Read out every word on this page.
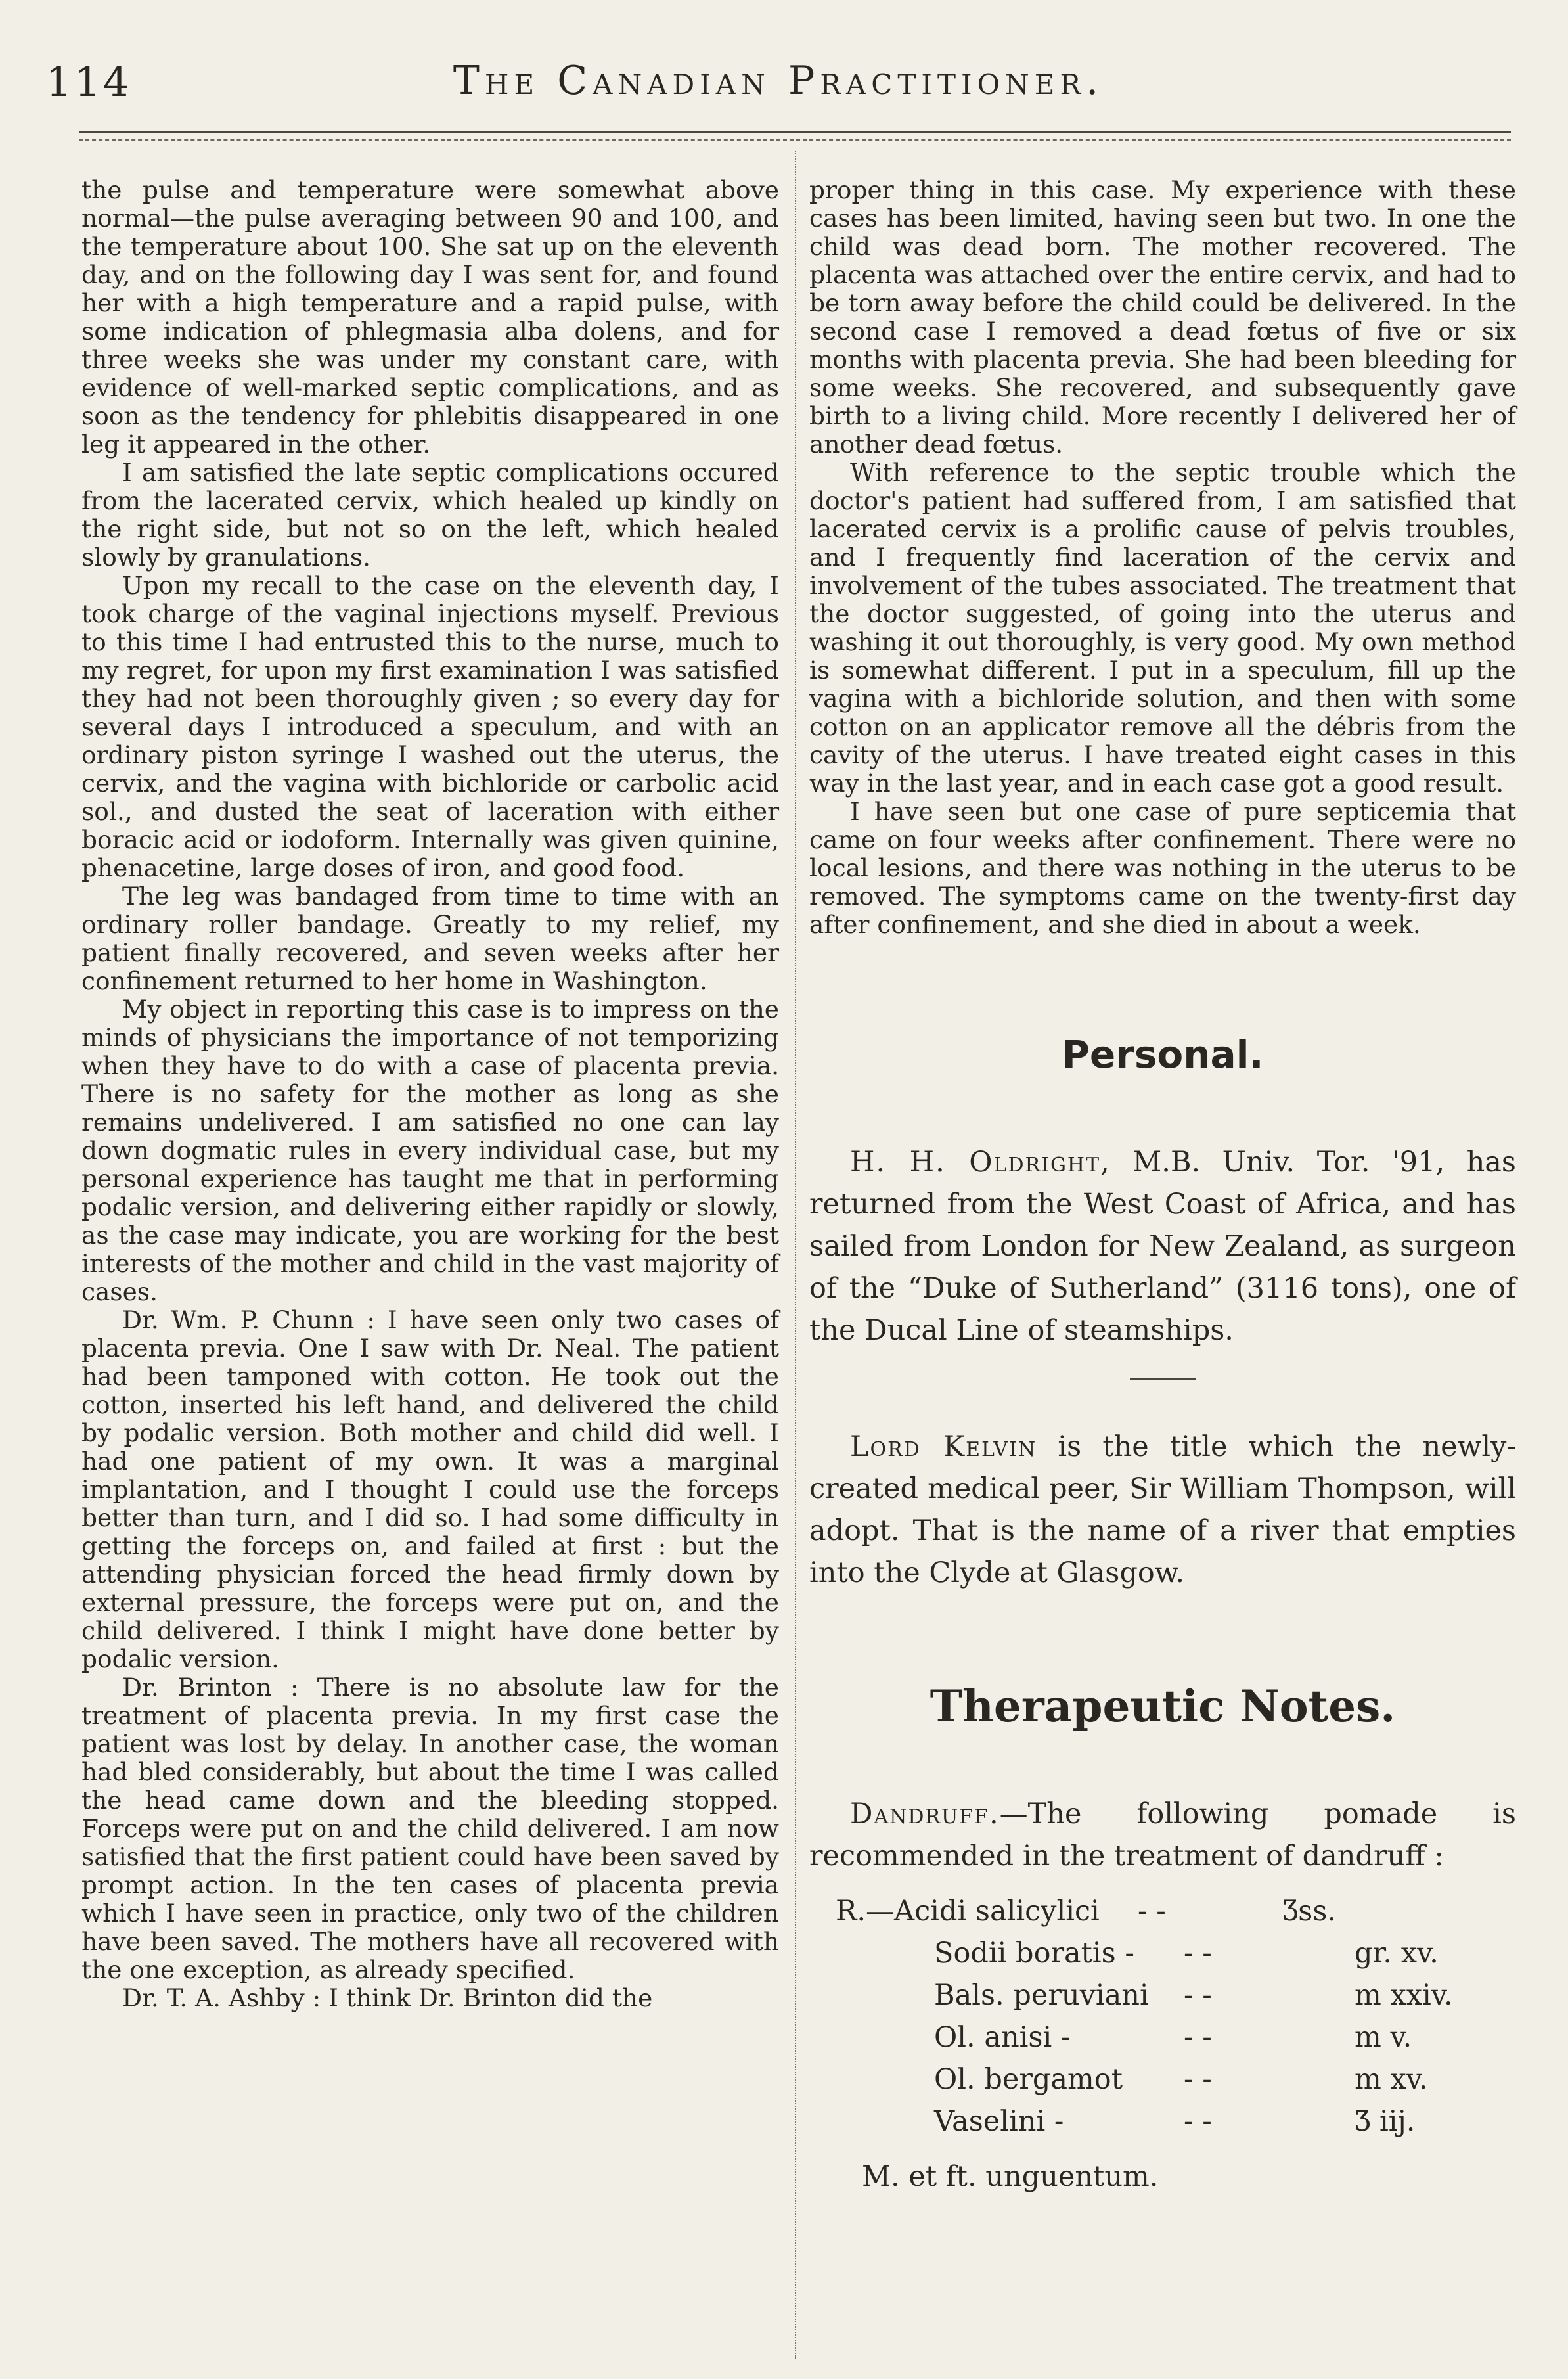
114	The Canadian Practitioner.

the pulse and temperature were somewhat above normal—the pulse averaging between 90 and 100, and the temperature about 100. She sat up on the eleventh day, and on the following day I was sent for, and found her with a high temperature and a rapid pulse, with some indication of phlegmasia alba dolens, and for three weeks she was under my constant care, with evidence of well-marked septic complications, and as soon as the tendency for phlebitis disappeared in one leg it appeared in the other.

I am satisfied the late septic complications occured from the lacerated cervix, which healed up kindly on the right side, but not so on the left, which healed slowly by granulations.

Upon my recall to the case on the eleventh day, I took charge of the vaginal injections myself. Previous to this time I had entrusted this to the nurse, much to my regret, for upon my first examination I was satisfied they had not been thoroughly given ; so every day for several days I introduced a speculum, and with an ordinary piston syringe I washed out the uterus, the cervix, and the vagina with bichloride or carbolic acid sol., and dusted the seat of laceration with either boracic acid or iodoform. Internally was given quinine, phenacetine, large doses of iron, and good food.

The leg was bandaged from time to time with an ordinary roller bandage. Greatly to my relief, my patient finally recovered, and seven weeks after her confinement returned to her home in Washington.

My object in reporting this case is to impress on the minds of physicians the importance of not temporizing when they have to do with a case of placenta previa. There is no safety for the mother as long as she remains undelivered. I am satisfied no one can lay down dogmatic rules in every individual case, but my personal experience has taught me that in performing podalic version, and delivering either rapidly or slowly, as the case may indicate, you are working for the best interests of the mother and child in the vast majority of cases.

Dr. Wm. P. Chunn : I have seen only two cases of placenta previa. One I saw with Dr. Neal. The patient had been tamponed with cotton. He took out the cotton, inserted his left hand, and delivered the child by podalic version. Both mother and child did well. I had one patient of my own. It was a marginal implantation, and I thought I could use the forceps better than turn, and I did so. I had some difficulty in getting the forceps on, and failed at first : but the attending physician forced the head firmly down by external pressure, the forceps were put on, and the child delivered. I think I might have done better by podalic version.

Dr. Brinton : There is no absolute law for the treatment of placenta previa. In my first case the patient was lost by delay. In another case, the woman had bled considerably, but about the time I was called the head came down and the bleeding stopped. Forceps were put on and the child delivered. I am now satisfied that the first patient could have been saved by prompt action. In the ten cases of placenta previa which I have seen in practice, only two of the children have been saved. The mothers have all recovered with the one exception, as already specified.

Dr. T. A. Ashby : I think Dr. Brinton did the

proper thing in this case. My experience with these cases has been limited, having seen but two. In one the child was dead born. The mother recovered. The placenta was attached over the entire cervix, and had to be torn away before the child could be delivered. In the second case I removed a dead fœtus of five or six months with placenta previa. She had been bleeding for some weeks. She recovered, and subsequently gave birth to a living child. More recently I delivered her of another dead fœtus.

With reference to the septic trouble which the doctor's patient had suffered from, I am satisfied that lacerated cervix is a prolific cause of pelvis troubles, and I frequently find laceration of the cervix and involvement of the tubes associated. The treatment that the doctor suggested, of going into the uterus and washing it out thoroughly, is very good. My own method is somewhat different. I put in a speculum, fill up the vagina with a bichloride solution, and then with some cotton on an applicator remove all the débris from the cavity of the uterus. I have treated eight cases in this way in the last year, and in each case got a good result.

I have seen but one case of pure septicemia that came on four weeks after confinement. There were no local lesions, and there was nothing in the uterus to be removed. The symptoms came on the twenty-first day after confinement, and she died in about a week.

Personal.

H. H. Oldright, M.B. Univ. Tor. '91, has returned from the West Coast of Africa, and has sailed from London for New Zealand, as surgeon of the “Duke of Sutherland” (3116 tons), one of the Ducal Line of steamships.

Lord Kelvin is the title which the newly-created medical peer, Sir William Thompson, will adopt. That is the name of a river that empties into the Clyde at Glasgow.

Therapeutic Notes.

Dandruff.—The following pomade is recommended in the treatment of dandruff :

R.—Acidi salicylici	- -	Ʒss.
Sodii boratis -	- -	gr. xv.
Bals. peruviani	- -	m xxiv.
Ol. anisi -	- -	m v.
Ol. bergamot	- -	m xv.
Vaselini -	- -	Ʒ iij.
M. et ft. unguentum.
